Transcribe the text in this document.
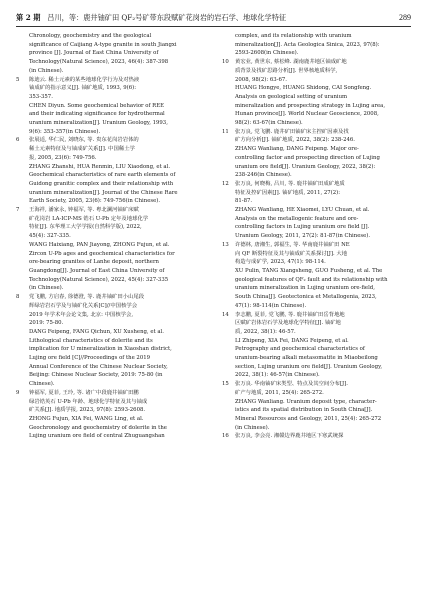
第 2 期 吕川，等：鹿井铀矿田 QF₂号矿带东段赋矿花岗岩的岩石学、地球化学特征	289
Chronology, geochemistry and the geological
significance of Caijiang A-type granite in south Jiangxi
province [J]. Journal of East China University of
Technology(Natural Science), 2023, 46(4): 387-398
(in Chinese).
5	陈迪云. 稀土元素的某些地球化学行为及对热液
铀成矿的指示意义[J]. 铀矿地质, 1993, 9(6):
353-357.
CHEN Diyun. Some geochemical behavior of REE
and their indicating significance for hydrothermal
uranium mineralization[J]. Uranium Geology, 1993,
9(6): 353-357(in Chinese).
6	张展适, 华仁民, 刘晓东, 等. 贵东花岗岩岩体的
稀土元素特征及与铀成矿关系[J]. 中国稀土学
报, 2005, 23(6): 749-756.
ZHANG Zhanshi, HUA Renmin, LIU Xiaodong, et al.
Geochemical characteristics of rare earth elements of
Guidong granitic complex and their relationship with
uranium mineralization[J]. Journal of the Chinese Rare
Earth Society, 2005, 23(6): 749-756(in Chinese).
7	王海祥, 潘家永, 钟福军, 等. 粤北澜河铀矿床赋
矿花岗岩 LA-ICP-MS 锆石 U-Pb 定年及地球化学
特征[J]. 东华理工大学学报(自然科学版), 2022,
45(4): 327-335.
WANG Haixiang, PAN Jiayong, ZHONG Fujun, et al.
Zircon U-Pb ages and geochemical characteristics for
ore-bearing granites of Lanhe deposit, northern
Guangdong[J]. Journal of East China University of
Technology(Natural Science), 2022, 45(4): 327-335
(in Chinese).
8	党飞鹏, 方启春, 徐德澄, 等. 鹿井铀矿田小山尾段
辉绿岩岩石学及与铀矿化关系[C]//中国核学会
2019 年学术年会论文集, 北京: 中国核学会,
2019: 75-80.
DANG Feipeng, FANG Qichun, XU Xusheng, et al.
Lithological characteristics of dolerite and its
implication for U mineralization in Xiaoshan district,
Lujing ore field [C]//Proceedings of the 2019
Annual Conference of the Chinese Nuclear Society,
Beijing: Chinese Nuclear Society, 2019: 75-80 (in
Chinese).
9	钟福军, 夏菲, 王玲, 等. 诸广中段鹿井铀矿田鹏
绿岩锆英石 U-Pb 年龄、地球化学特征及其与铀成
矿关系[J]. 地质学报, 2023, 97(8): 2593-2608.
ZHONG Fujun, XIA Fei, WANG Ling, et al.
Geochronology and geochemistry of dolerite in the
Lujing uranium ore field of central Zhuguangshan
complex, and its relationship with uranium
mineralization[J]. Acta Geologica Sinica, 2023, 97(8):
2593-2608(in Chinese).
10	黄宏业, 黄世东, 蔡松峰. 湖南鹿井地区铀成矿地
质背景及找矿思路分析[J]. 世界核地质科学,
2008, 98(2): 63-67.
HUANG Hongye, HUANG Shidong, CAI Songfeng.
Analysis on geological setting of uranium
mineralization and prospecting strategy in Lujing area,
Hunan province[J]. World Nuclear Geoscience, 2008,
98(2): 63-67(in Chinese).
11	张万良, 党飞鹏. 鹿井矿田铀矿床主控矿因素及找
矿方向分析[J]. 铀矿地质, 2022, 38(2): 238-246.
ZHANG Wanliang, DANG Feipeng. Major ore-
controlling factor and prospecting direction of Lujing
uranium ore field[J]. Uranium Geology, 2022, 38(2):
238-246(in Chinese).
12	张万良, 何晓梅, 吕川, 等. 鹿井铀矿田成矿地质
特征及控矿因素[J]. 铀矿地质, 2011, 27(2):
81-87.
ZHANG Wanliang, HE Xiaomei, LYU Chuan, et al.
Analysis on the metallogenic feature and ore-
controlling factors in Lujing uranium ore field [J].
Uranium Geology, 2011, 27(2): 81-87(in Chinese).
13	许德林, 唐湘生, 郭福生, 等. 华南鹿井铀矿田 NE
向 QF 断裂特征及其与铀成矿关系探讨[J]. 大地
构造与成矿学, 2023, 47(1): 98-114.
XU Pulin, TANG Xiangsheng, GUO Fusheng, et al. The
geological features of QF₂ fault and its relationship with
uranium mineralization in Lujing uranium ore-field,
South China[J]. Geotectonica et Metallogenia, 2023,
47(1): 98-114(in Chinese).
14	李志鹏, 夏菲, 党飞鹏, 等. 鹿井铀矿田岳背地地
区赋矿岩体岩石学及地球化学特征[J]. 铀矿地
质, 2022, 38(1): 46-57.
LI Zhipeng, XIA Fei, DANG Feipeng, et al.
Petrography and geochemical characteristics of
uranium-bearing alkali metasomatite in Miaobeilong
section, Lujing uranium ore field[J]. Uranium Geology,
2022, 38(1): 46-57(in Chinese).
15	张万良. 华南铀矿床类型、特点及其空间分布[J].
矿产与地质, 2011, 25(4): 265-272.
ZHANG Wanliang. Uranium deposit type, character-
istics and its spatial distribution in South China[J].
Mineral Resources and Geology, 2011, 25(4): 265-272
(in Chinese).
16	张万良, 李会亮. 湘赣边界鹿井地区下寒武统探
